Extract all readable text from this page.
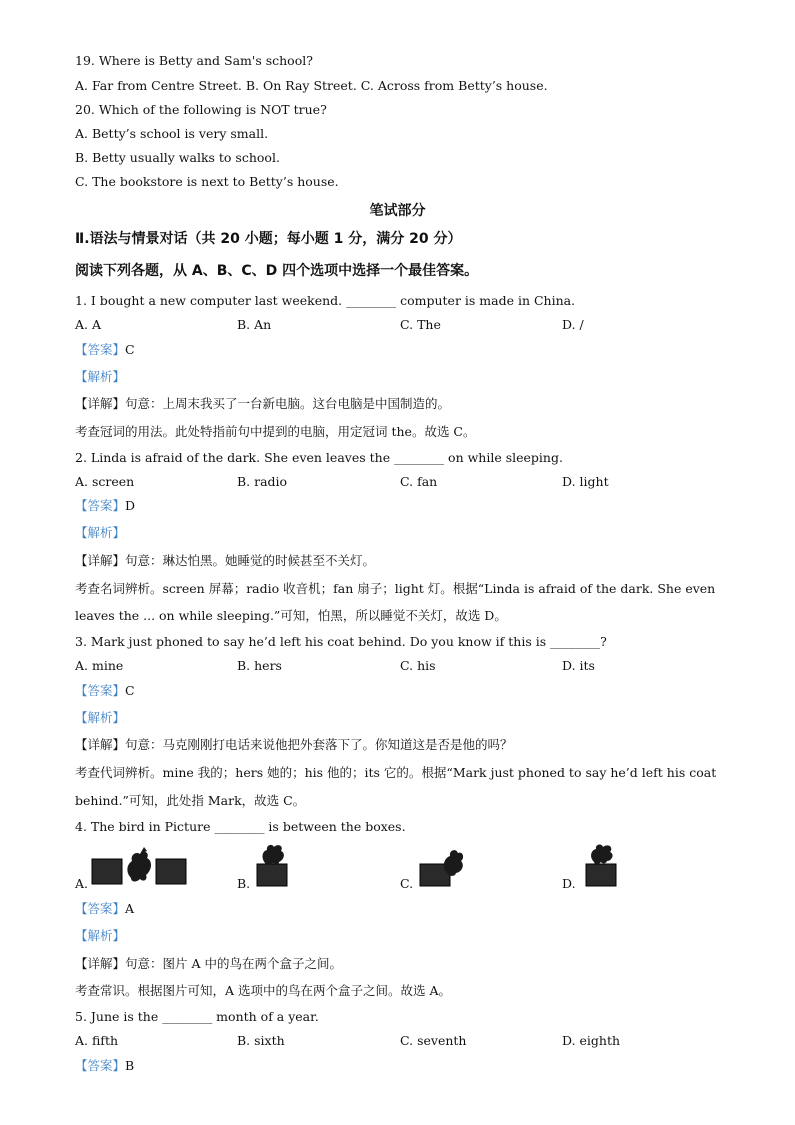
19. Where is Betty and Sam's school?
A. Far from Centre Street. B. On Ray Street. C. Across from Betty’s house.
20. Which of the following is NOT true?
A. Betty’s school is very small.
B. Betty usually walks to school.
C. The bookstore is next to Betty’s house.
笔试部分
Ⅱ.语法与情景对话（共 20 小题；每小题 1 分，满分 20 分）
阅读下列各题，从 A、B、C、D 四个选项中选择一个最佳答案。
1. I bought a new computer last weekend. ________ computer is made in China.
A. A	B. An	C. The	D. /
【答案】C
【解析】
【详解】句意：上周末我买了一台新电脑。这台电脑是中国制造的。
考查冠词的用法。此处特指前句中提到的电脑，用定冠词 the。故选 C。
2. Linda is afraid of the dark. She even leaves the ________ on while sleeping.
A. screen	B. radio	C. fan	D. light
【答案】D
【解析】
【详解】句意：琳达怕黑。她睡觉的时候甚至不关灯。
考查名词辨析。screen 屏幕；radio 收音机；fan 扇子；light 灯。根据“Linda is afraid of the dark. She even
leaves the ... on while sleeping.”可知，怕黑，所以睡觉不关灯，故选 D。
3. Mark just phoned to say he’d left his coat behind. Do you know if this is ________?
A. mine	B. hers	C. his	D. its
【答案】C
【解析】
【详解】句意：马克刚刚打电话来说他把外套落下了。你知道这是否是他的吗？
考查代词辨析。mine 我的；hers 她的；his 他的；its 它的。根据“Mark just phoned to say he’d left his coat
behind.”可知，此处指 Mark，故选 C。
4. The bird in Picture ________ is between the boxes.
A.	B.	C.	D.
【答案】A
【解析】
【详解】句意：图片 A 中的鸟在两个盒子之间。
考查常识。根据图片可知，A 选项中的鸟在两个盒子之间。故选 A。
5. June is the ________ month of a year.
A. fifth	B. sixth	C. seventh	D. eighth
【答案】B
